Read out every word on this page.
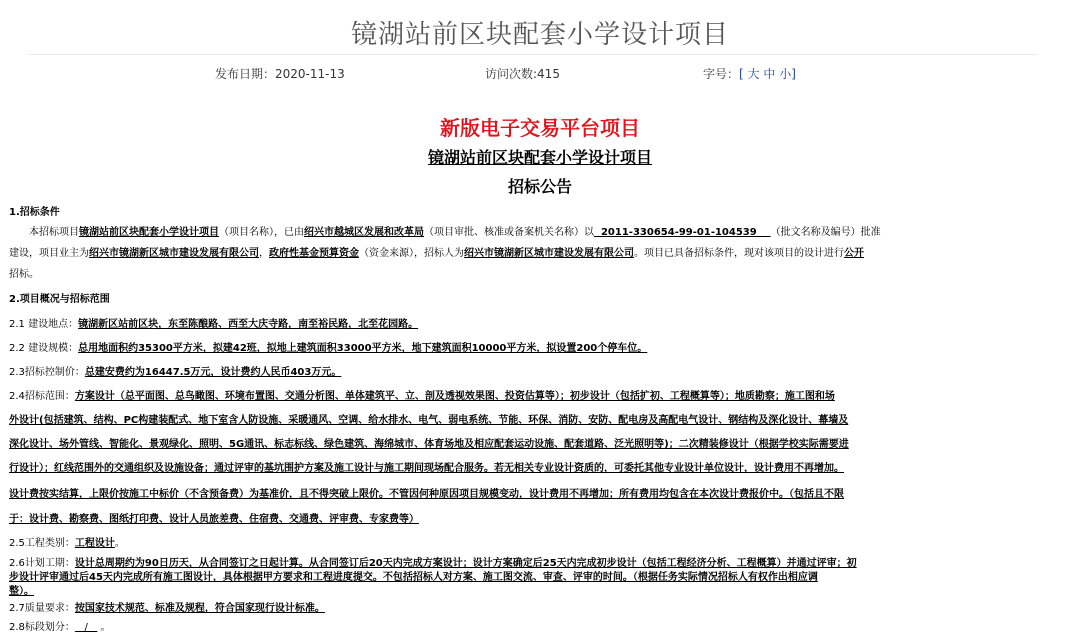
镜湖站前区块配套小学设计项目
发布日期：2020-11-13	访问次数:415	字号：[ 大 中 小]
新版电子交易平台项目
镜湖站前区块配套小学设计项目
招标公告
1.招标条件
本招标项目镜湖站前区块配套小学设计项目（项目名称），已由绍兴市越城区发展和改革局（项目审批、核准或备案机关名称）以  2011-330654-99-01-104539    （批文名称及编号）批准
建设，项目业主为绍兴市镜湖新区城市建设发展有限公司，政府性基金预算资金（资金来源），招标人为绍兴市镜湖新区城市建设发展有限公司。项目已具备招标条件，现对该项目的设计进行公开
招标。
2.项目概况与招标范围
2.1 建设地点：镜湖新区站前区块，东至陈酿路、西至大庆寺路，南至裕民路，北至花园路。
2.2 建设规模：总用地面积约35300平方米，拟建42班，拟地上建筑面积33000平方米，地下建筑面积10000平方米，拟设置200个停车位。
2.3招标控制价：总建安费约为16447.5万元，设计费约人民币403万元。
2.4招标范围：方案设计（总平面图、总鸟瞰图、环境布置图、交通分析图、单体建筑平、立、剖及透视效果图、投资估算等）；初步设计（包括扩初、工程概算等）；地质勘察；施工图和场
外设计(包括建筑、结构、PC构建装配式、地下室含人防设施、采暖通风、空调、给水排水、电气、弱电系统、节能、环保、消防、安防、配电房及高配电气设计、钢结构及深化设计、幕墙及
深化设计、场外管线、智能化、景观绿化、照明、5G通讯、标志标线、绿色建筑、海绵城市、体育场地及相应配套运动设施、配套道路、泛光照明等)；二次精装修设计（根据学校实际需要进
行设计）；红线范围外的交通组织及设施设备；通过评审的基坑围护方案及施工设计与施工期间现场配合服务。若无相关专业设计资质的，可委托其他专业设计单位设计，设计费用不再增加。
设计费按实结算，上限价按施工中标价（不含预备费）为基准价，且不得突破上限价。不管因何种原因项目规模变动，设计费用不再增加；所有费用均包含在本次设计费报价中。（包括且不限
于：设计费、勘察费、图纸打印费、设计人员旅差费、住宿费、交通费、评审费、专家费等）
2.5工程类别：工程设计。
2.6计划工期：设计总周期约为90日历天，从合同签订之日起计算。从合同签订后20天内完成方案设计；设计方案确定后25天内完成初步设计（包括工程经济分析、工程概算）并通过评审；初
步设计评审通过后45天内完成所有施工图设计，具体根据甲方要求和工程进度提交。不包括招标人对方案、施工图交流、审查、评审的时间。（根据任务实际情况招标人有权作出相应调
整）。
2.7质量要求：按国家技术规范、标准及规程，符合国家现行设计标准。
2.8标段划分：   /    。
